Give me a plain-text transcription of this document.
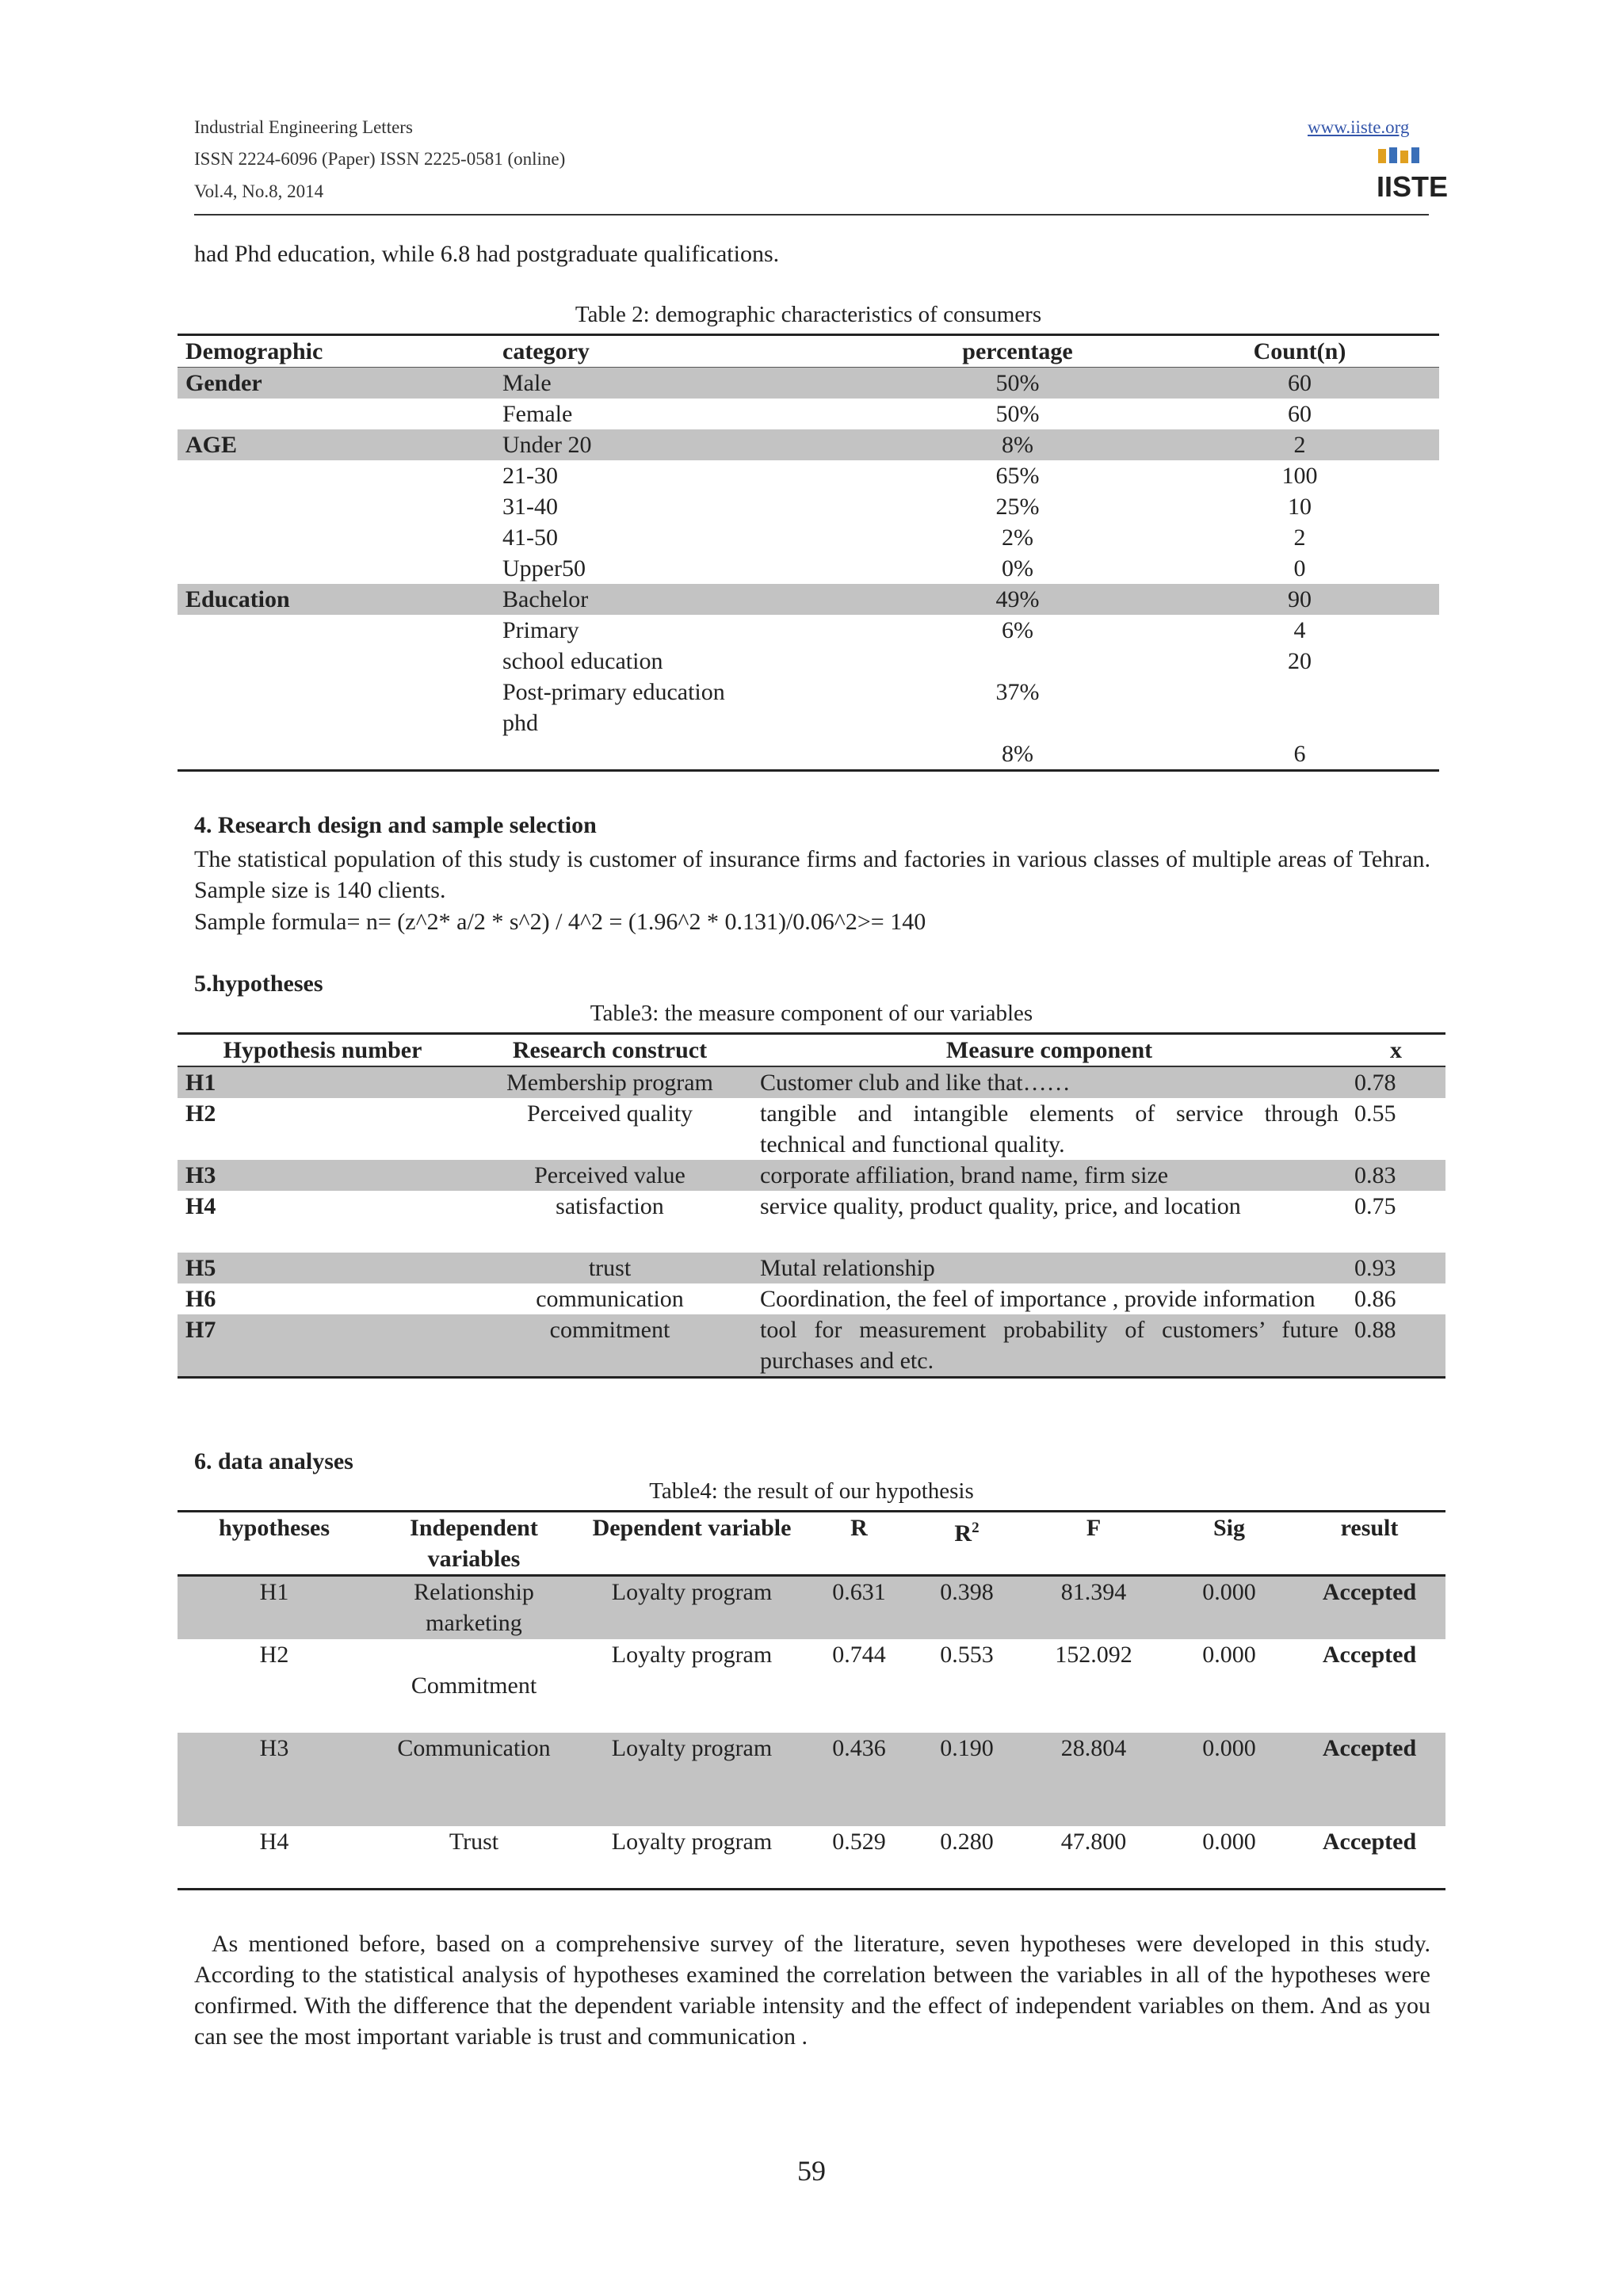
Industrial Engineering Letters
ISSN 2224-6096 (Paper) ISSN 2225-0581 (online)
Vol.4, No.8, 2014
www.iiste.org
IISTE
had Phd education, while 6.8 had postgraduate qualifications.
Table 2: demographic characteristics of consumers
Demographic	category	percentage	Count(n)
Gender	Male	50%	60
	Female	50%	60
AGE	Under 20	8%	2
	21-30	65%	100
	31-40	25%	10
	41-50	2%	2
	Upper50	0%	0
Education	Bachelor	49%	90
	Primary	6%	4
	school education		20
	Post-primary education	37%	
	phd		
		8%	6
4. Research design and sample selection
The statistical population of this study is customer of insurance firms and factories in various classes of multiple areas of Tehran. Sample size is 140 clients.
Sample formula= n= (z^2* a/2 * s^2) / 4^2 = (1.96^2 * 0.131)/0.06^2>= 140
5.hypotheses
Table3: the measure component of our variables
Hypothesis number	Research construct	Measure component	x
H1	Membership program	Customer club and like that……	0.78
H2	Perceived quality	tangible and intangible elements of service through technical and functional quality.	0.55
H3	Perceived value	corporate affiliation, brand name, firm size	0.83
H4	satisfaction	service quality, product quality, price, and location	0.75

H5	trust	Mutal relationship	0.93
H6	communication	Coordination, the feel of importance , provide information	0.86
H7	commitment	tool for measurement probability of customers’ future purchases and etc.	0.88
6. data analyses
Table4: the result of our hypothesis
hypotheses	Independent variables	Dependent variable	R	$R^2$	F	Sig	result
H1	Relationship marketing	Loyalty program	0.631	0.398	81.394	0.000	Accepted
H2	Commitment	Loyalty program	0.744	0.553	152.092	0.000	Accepted
H3	Communication	Loyalty program	0.436	0.190	28.804	0.000	Accepted
H4	Trust	Loyalty program	0.529	0.280	47.800	0.000	Accepted
As mentioned before, based on a comprehensive survey of the literature, seven hypotheses were developed in this study. According to the statistical analysis of hypotheses examined the correlation between the variables in all of the hypotheses were confirmed. With the difference that the dependent variable intensity and the effect of independent variables on them. And as you can see the most important variable is trust and communication .
59
